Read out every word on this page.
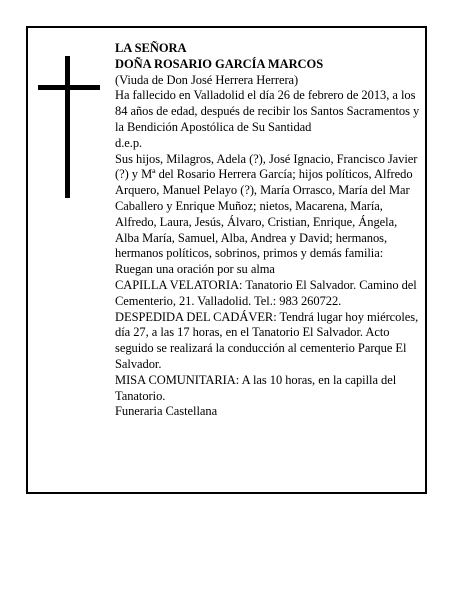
LA SEÑORA

DOÑA ROSARIO GARCÍA MARCOS

(Viuda de Don José Herrera Herrera)

Ha fallecido en Valladolid el día 26 de febrero de 2013, a los 84 años de edad, después de recibir los Santos Sacramentos y la Bendición Apostólica de Su Santidad

d.e.p.

Sus hijos, Milagros, Adela (?), José Ignacio, Francisco Javier (?) y Mª del Rosario Herrera García; hijos políticos, Alfredo Arquero, Manuel Pelayo (?), María Orrasco, María del Mar Caballero y Enrique Muñoz; nietos, Macarena, María, Alfredo, Laura, Jesús, Álvaro, Cristian, Enrique, Ángela, Alba María, Samuel, Alba, Andrea y David; hermanos, hermanos políticos, sobrinos, primos y demás familia:

Ruegan una oración por su alma

CAPILLA VELATORIA: Tanatorio El Salvador. Camino del Cementerio, 21. Valladolid. Tel.: 983 260722.

DESPEDIDA DEL CADÁVER: Tendrá lugar hoy miércoles, día 27, a las 17 horas, en el Tanatorio El Salvador. Acto seguido se realizará la conducción al cementerio Parque El Salvador.

MISA COMUNITARIA: A las 10 horas, en la capilla del Tanatorio.

Funeraria Castellana
